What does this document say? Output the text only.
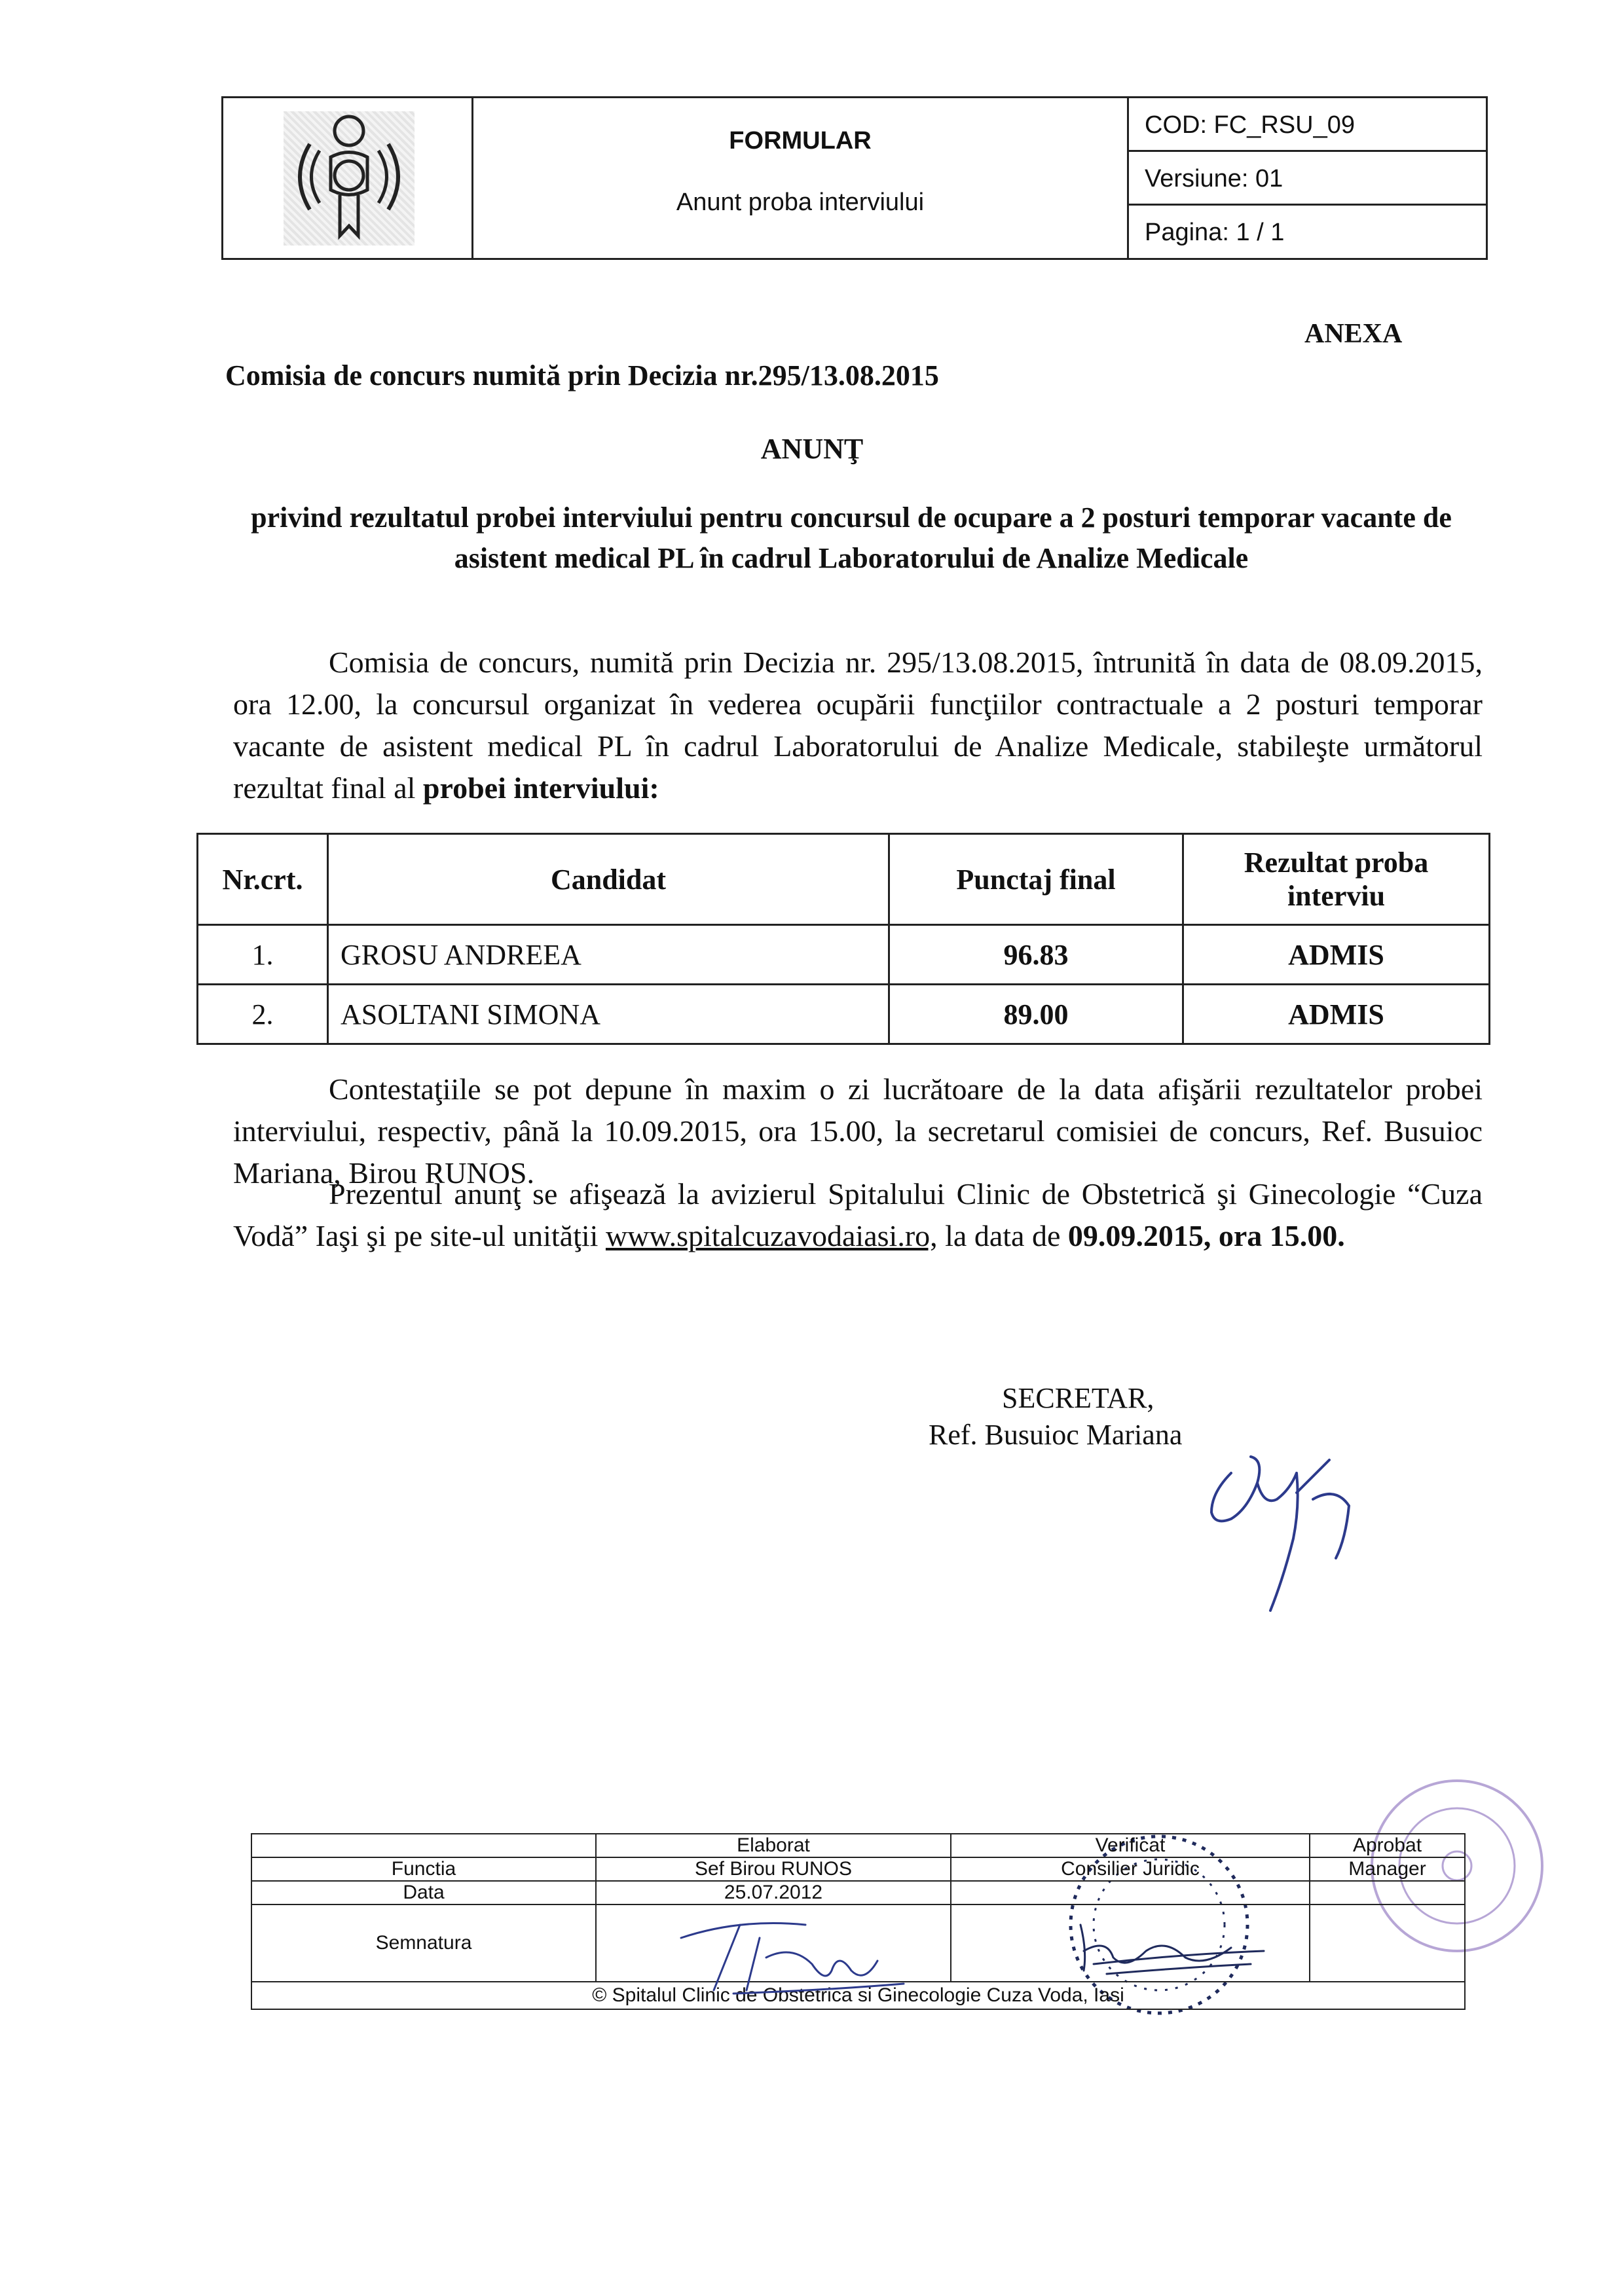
FORMULAR
Anunt proba interviului
COD: FC_RSU_09
Versiune: 01
Pagina: 1 / 1
ANEXA
Comisia de concurs numită prin Decizia nr.295/13.08.2015
ANUNŢ
privind rezultatul probei interviului pentru concursul de ocupare a 2 posturi temporar vacante de asistent medical PL în cadrul Laboratorului de Analize Medicale
Comisia de concurs, numită prin Decizia nr. 295/13.08.2015, întrunită în data de 08.09.2015, ora 12.00, la concursul organizat în vederea ocupării funcţiilor contractuale a 2 posturi temporar vacante de asistent medical PL în cadrul Laboratorului de Analize Medicale, stabileşte următorul rezultat final al probei interviului:
Nr.crt.	Candidat	Punctaj final	Rezultat proba interviu
1.	GROSU ANDREEA	96.83	ADMIS
2.	ASOLTANI SIMONA	89.00	ADMIS
Contestaţiile se pot depune în maxim o zi lucrătoare de la data afişării rezultatelor probei interviului, respectiv, până la 10.09.2015, ora 15.00, la secretarul comisiei de concurs, Ref. Busuioc Mariana, Birou RUNOS.
Prezentul anunţ se afişează la avizierul Spitalului Clinic de Obstetrică şi Ginecologie “Cuza Vodă” Iaşi şi pe site-ul unităţii www.spitalcuzavodaiasi.ro, la data de 09.09.2015, ora 15.00.
SECRETAR,
Ref. Busuioc Mariana
	Elaborat	Verificat	Aprobat
Functia	Sef Birou RUNOS	Consilier Juridic	Manager
Data	25.07.2012		
Semnatura			
© Spitalul Clinic de Obstetrica si Ginecologie Cuza Voda, Iasi			
